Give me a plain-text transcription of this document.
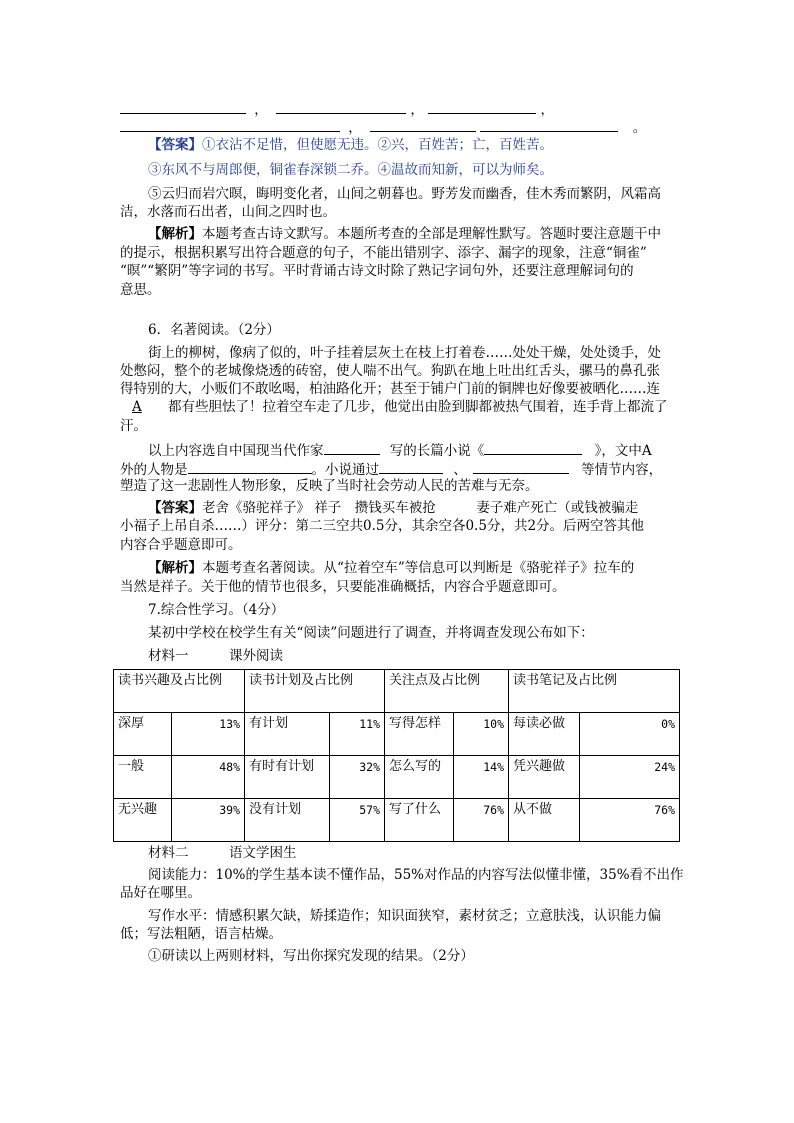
，	，	，
，	。
【答案】①衣沾不足惜，但使愿无违。②兴，百姓苦；亡，百姓苦。
③东风不与周郎便，铜雀春深锁二乔。④温故而知新，可以为师矣。
⑤云归而岩穴暝，晦明变化者，山间之朝暮也。野芳发而幽香，佳木秀而繁阴，风霜高
洁，水落而石出者，山间之四时也。
【解析】本题考查古诗文默写。本题所考查的全部是理解性默写。答题时要注意题干中
的提示，根据积累写出符合题意的句子，不能出错别字、添字、漏字的现象，注意“铜雀”
“暝”“繁阴”等字词的书写。平时背诵古诗文时除了熟记字词句外，还要注意理解词句的
意思。
6．名著阅读。（2分）
街上的柳树，像病了似的，叶子挂着层灰土在枝上打着卷……处处干燥，处处烫手，处
处憋闷，整个的老城像烧透的砖窑，使人喘不出气。狗趴在地上吐出红舌头，骡马的鼻孔张
得特别的大，小贩们不敢吆喝，柏油路化开；甚至于铺户门前的铜牌也好像要被晒化……连
A 都有些胆怯了！拉着空车走了几步，他觉出由脸到脚都被热气围着，连手背上都流了
汗。
以上内容选自中国现当代作家	写的长篇小说《	》，文中A
外的人物是	。小说通过	、	等情节内容，
塑造了这一悲剧性人物形象，反映了当时社会劳动人民的苦难与无奈。
【答案】老舍《骆驼祥子》 祥子　攒钱买车被抢　　　妻子难产死亡（或钱被骗走
小福子上吊自杀……）评分：第二三空共0.5分，其余空各0.5分，共2分。后两空答其他
内容合乎题意即可。
【解析】本题考查名著阅读。从“拉着空车”等信息可以判断是《骆驼祥子》拉车的
当然是祥子。关于他的情节也很多，只要能准确概括，内容合乎题意即可。
7.综合性学习。（4分）
某初中学校在校学生有关“阅读”问题进行了调查，并将调查发现公布如下：
材料一　　　课外阅读
读书兴趣及占比例		读书计划及占比例		关注点及占比例		读书笔记及占比例	
深厚	13%	有计划	11%	写得怎样	10%	每读必做	0%
一般	48%	有时有计划	32%	怎么写的	14%	凭兴趣做	24%
无兴趣	39%	没有计划	57%	写了什么	76%	从不做	76%
材料二　　　语文学困生
阅读能力：10%的学生基本读不懂作品，55%对作品的内容写法似懂非懂，35%看不出作
品好在哪里。
写作水平：情感积累欠缺，矫揉造作；知识面狭窄，素材贫乏；立意肤浅，认识能力偏
低；写法粗陋，语言枯燥。
①研读以上两则材料，写出你探究发现的结果。（2分）
